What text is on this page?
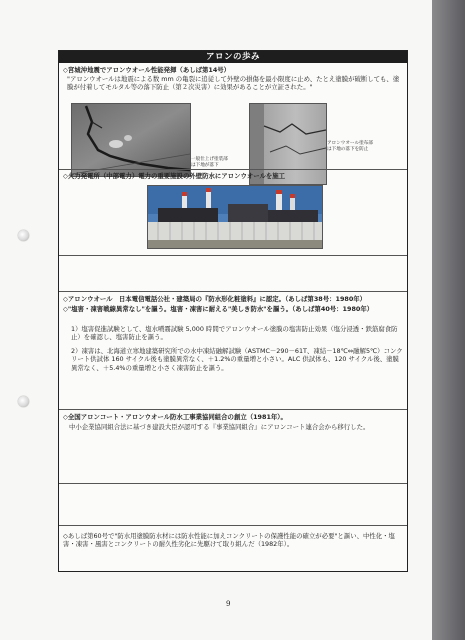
アロンの歩み
◇宮城沖地震でアロンウオール性能発揮（あしば第14号）
"アロンウオールは地震による数 mm の亀裂に追従して外壁の損傷を最小限度に止め、たとえ塗膜が破断しても、塗膜が付着してモルタル等の落下防止（第２次災害）に効果があることが立証された。"
一般仕上げ塗装部は下地が落下
アロンウオール塗布部は下地の落下を防止
◇火力発電所（中部電力）電力の重要施設の外壁防水にアロンウオールを施工
◇アロンウオール　日本電信電話公社・建築局の『防水形化粧塗料』に認定。（あしば第38号：1980年）
◇"塩害・凍害戦線異常なし"を謳う。塩害・凍害に耐える"美しき防水"を謳う。（あしば第40号：1980年）
1）塩害促進試験として、塩水噴霧試験 5,000 時間でアロンウオール塗膜の塩害防止効果（塩分浸透・鉄筋腐食防止）を確認し、塩害防止を謳う。
2）凍害は、北海道立寒地建築研究所での水中凍結融解試験（ASTMC－290－61T、凍結－18℃⇔融解5℃）コンクリート供試体 160 サイクル後も塗膜異常なく、＋1.2%の重量増と小さい。ALC 供試体も、120 サイクル後、塗膜異常なく、＋5.4%の重量増と小さく凍害防止を謳う。
◇全国アロンコート・アロンウオール防水工事業協同組合の創立（1981年）。
中小企業協同組合法に基づき建設大臣が認可する『事業協同組合』にアロンコート連合会から移行した。
◇あしば第60号で"防水用塗膜防水材には防水性能に加えコンクリートの保護性能の確立が必要"と謳い、中性化・塩害・凍害・風害とコンクリートの耐久性劣化に先駆けて取り組んだ（1982年）。
9
